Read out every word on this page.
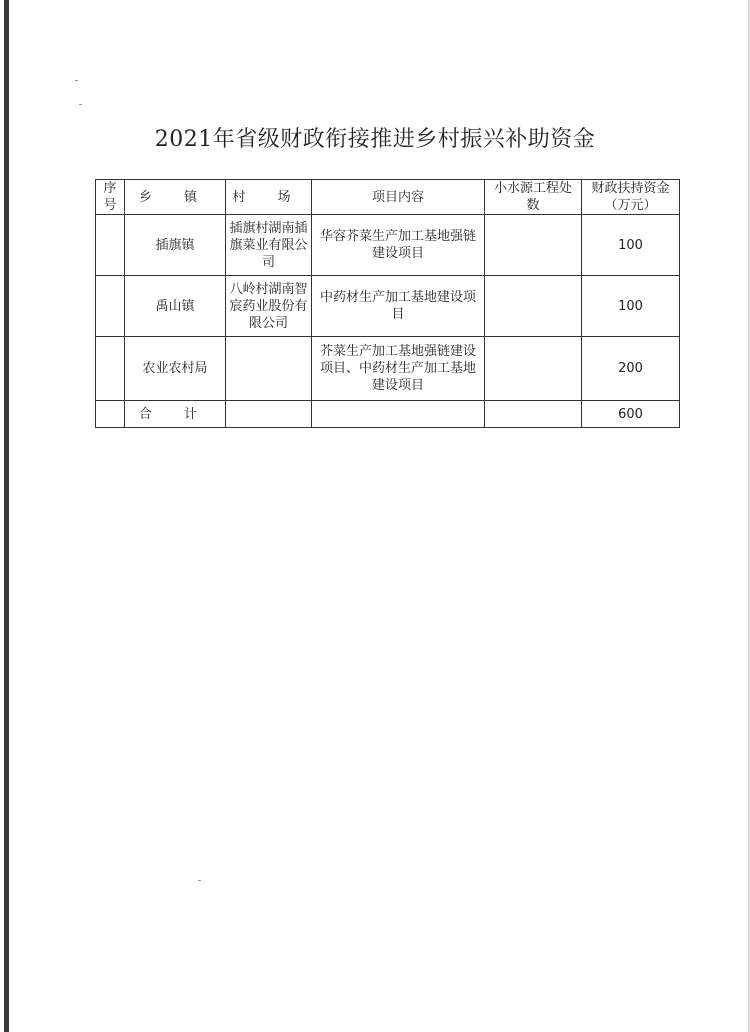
2021年省级财政衔接推进乡村振兴补助资金
序号	乡 镇	村 场	项目内容	小水源工程处数	财政扶持资金（万元）
	插旗镇	插旗村湖南插旗菜业有限公司	华容芥菜生产加工基地强链建设项目		100
	禹山镇	八岭村湖南智宸药业股份有限公司	中药材生产加工基地建设项目		100
	农业农村局		芥菜生产加工基地强链建设项目、中药材生产加工基地建设项目		200
	合 计				600
